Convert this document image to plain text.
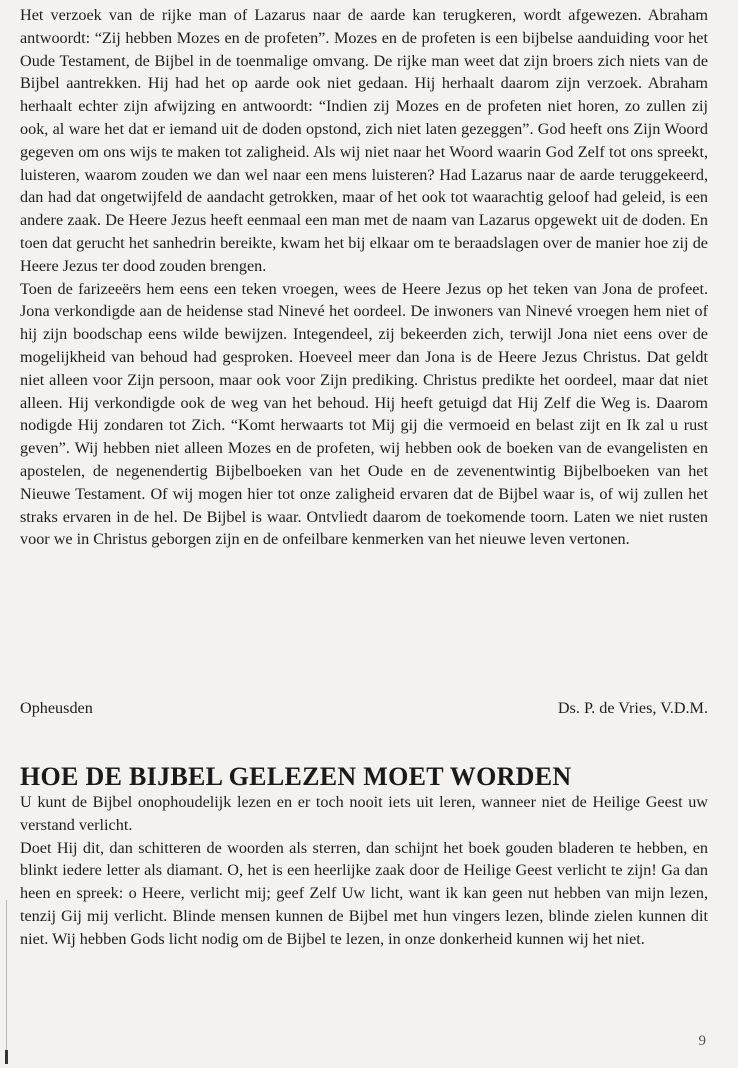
Het verzoek van de rijke man of Lazarus naar de aarde kan terugkeren, wordt afgewezen. Abraham antwoordt: “Zij hebben Mozes en de profeten”. Mozes en de profeten is een bijbelse aanduiding voor het Oude Testament, de Bijbel in de toenmalige omvang. De rijke man weet dat zijn broers zich niets van de Bijbel aantrekken. Hij had het op aarde ook niet gedaan. Hij herhaalt daarom zijn verzoek. Abraham herhaalt echter zijn afwijzing en antwoordt: “Indien zij Mozes en de profeten niet horen, zo zullen zij ook, al ware het dat er iemand uit de doden opstond, zich niet laten gezeggen”. God heeft ons Zijn Woord gegeven om ons wijs te maken tot zaligheid. Als wij niet naar het Woord waarin God Zelf tot ons spreekt, luisteren, waarom zouden we dan wel naar een mens luisteren? Had Lazarus naar de aarde teruggekeerd, dan had dat ongetwijfeld de aandacht getrokken, maar of het ook tot waarachtig geloof had geleid, is een andere zaak. De Heere Jezus heeft eenmaal een man met de naam van Lazarus opgewekt uit de doden. En toen dat gerucht het sanhedrin bereikte, kwam het bij elkaar om te beraadslagen over de manier hoe zij de Heere Jezus ter dood zouden brengen.

Toen de farizeeërs hem eens een teken vroegen, wees de Heere Jezus op het teken van Jona de profeet. Jona verkondigde aan de heidense stad Ninevé het oordeel. De inwoners van Ninevé vroegen hem niet of hij zijn boodschap eens wilde bewijzen. Integendeel, zij bekeerden zich, terwijl Jona niet eens over de mogelijkheid van behoud had gesproken. Hoeveel meer dan Jona is de Heere Jezus Christus. Dat geldt niet alleen voor Zijn persoon, maar ook voor Zijn prediking. Christus predikte het oordeel, maar dat niet alleen. Hij verkondigde ook de weg van het behoud. Hij heeft getuigd dat Hij Zelf die Weg is. Daarom nodigde Hij zondaren tot Zich. “Komt herwaarts tot Mij gij die vermoeid en belast zijt en Ik zal u rust geven”. Wij hebben niet alleen Mozes en de profeten, wij hebben ook de boeken van de evangelisten en apostelen, de negenendertig Bijbelboeken van het Oude en de zevenentwintig Bijbelboeken van het Nieuwe Testament. Of wij mogen hier tot onze zaligheid ervaren dat de Bijbel waar is, of wij zullen het straks ervaren in de hel. De Bijbel is waar. Ontvliedt daarom de toekomende toorn. Laten we niet rusten voor we in Christus geborgen zijn en de onfeilbare kenmerken van het nieuwe leven vertonen.

Opheusden	Ds. P. de Vries, V.D.M.
HOE DE BIJBEL GELEZEN MOET WORDEN

U kunt de Bijbel onophoudelijk lezen en er toch nooit iets uit leren, wanneer niet de Heilige Geest uw verstand verlicht.

Doet Hij dit, dan schitteren de woorden als sterren, dan schijnt het boek gouden bladeren te hebben, en blinkt iedere letter als diamant. O, het is een heerlijke zaak door de Heilige Geest verlicht te zijn! Ga dan heen en spreek: o Heere, verlicht mij; geef Zelf Uw licht, want ik kan geen nut hebben van mijn lezen, tenzij Gij mij verlicht. Blinde mensen kunnen de Bijbel met hun vingers lezen, blinde zielen kunnen dit niet. Wij hebben Gods licht nodig om de Bijbel te lezen, in onze donkerheid kunnen wij het niet.

9
